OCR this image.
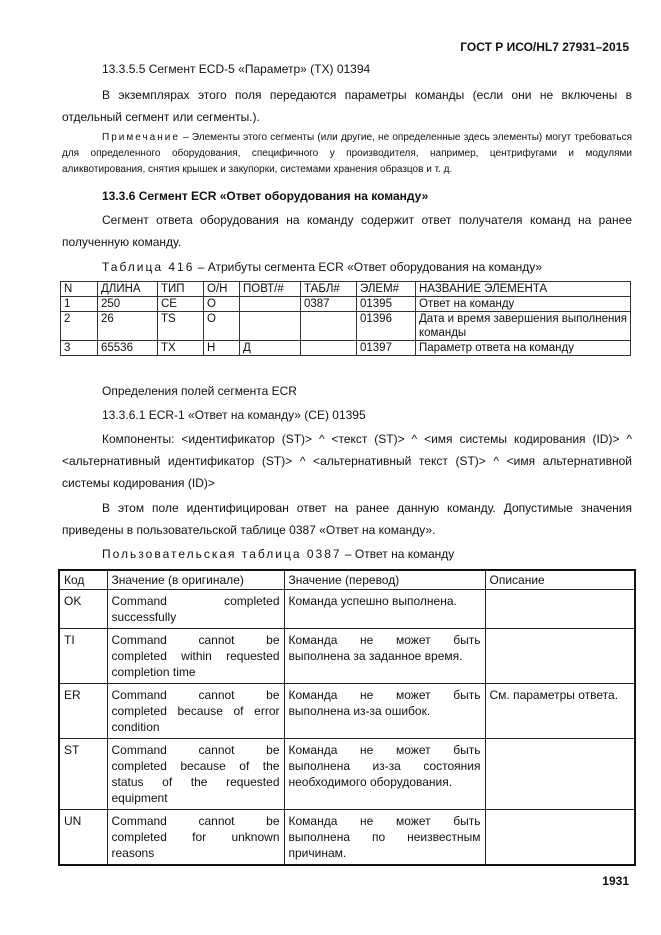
ГОСТ Р ИСО/HL7 27931–2015
13.3.5.5 Сегмент ECD-5 «Параметр» (TX) 01394
В экземплярах этого поля передаются параметры команды (если они не включены в отдельный сегмент или сегменты.).
Примечание – Элементы этого сегменты (или другие, не определенные здесь элементы) могут требоваться для определенного оборудования, специфичного у производителя, например, центрифугами и модулями аликвотирования, снятия крышек и закупорки, системами хранения образцов и т. д.
13.3.6 Сегмент ECR «Ответ оборудования на команду»
Сегмент ответа оборудования на команду содержит ответ получателя команд на ранее полученную команду.
Таблица 416 – Атрибуты сегмента ECR «Ответ оборудования на команду»
N	ДЛИНА	ТИП	О/Н	ПОВТ/#	ТАБЛ#	ЭЛЕМ#	НАЗВАНИЕ ЭЛЕМЕНТА
1	250	CE	О		0387	01395	Ответ на команду
2	26	TS	О			01396	Дата и время завершения выполнения команды
3	65536	TX	Н	Д		01397	Параметр ответа на команду
Определения полей сегмента ECR
13.3.6.1 ECR-1 «Ответ на команду» (CE) 01395
Компоненты: <идентификатор (ST)> ^ <текст (ST)> ^ <имя системы кодирования (ID)> ^ <альтернативный идентификатор (ST)> ^ <альтернативный текст (ST)> ^ <имя альтернативной системы кодирования (ID)>
В этом поле идентифицирован ответ на ранее данную команду. Допустимые значения приведены в пользовательской таблице 0387 «Ответ на команду».
Пользовательская таблица 0387 – Ответ на команду
Код	Значение (в оригинале)	Значение (перевод)	Описание
OK	Command completed successfully	Команда успешно выполнена.	
TI	Command cannot be completed within requested completion time	Команда не может быть выполнена за заданное время.	
ER	Command cannot be completed because of error condition	Команда не может быть выполнена из-за ошибок.	См. параметры ответа.
ST	Command cannot be completed because of the status of the requested equipment	Команда не может быть выполнена из-за состояния необходимого оборудования.	
UN	Command cannot be completed for unknown reasons	Команда не может быть выполнена по неизвестным причинам.	
1931
